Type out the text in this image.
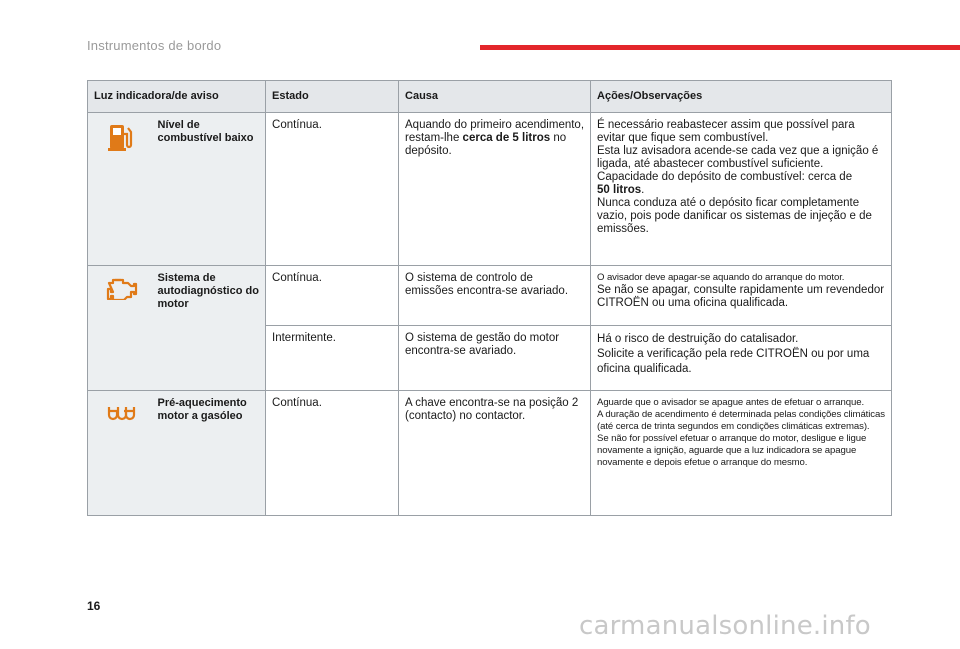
Instrumentos de bordo
Luz indicadora/de aviso		Estado	Causa	Ações/Observações

	Nível de combustível baixo	Contínua.	Aquando do primeiro acendimento, restam-lhe cerca de 5 litros no depósito.	É necessário reabastecer assim que possível para evitar que fique sem combustível.
Esta luz avisadora acende-se cada vez que a ignição é ligada, até abastecer combustível suficiente.
Capacidade do depósito de combustível: cerca de
50 litros.
Nunca conduza até o depósito ficar completamente vazio, pois pode danificar os sistemas de injeção e de emissões.

	Sistema de autodiagnóstico do motor	Contínua.	O sistema de controlo de emissões encontra-se avariado.	O avisador deve apagar-se aquando do arranque do motor.
Se não se apagar, consulte rapidamente um revendedor CITROËN ou uma oficina qualificada.

		Intermitente.	O sistema de gestão do motor encontra-se avariado.	Há o risco de destruição do catalisador.
Solicite a verificação pela rede CITROËN ou por uma oficina qualificada.

	Pré-aquecimento motor a gasóleo	Contínua.	A chave encontra-se na posição 2 (contacto) no contactor.	Aguarde que o avisador se apague antes de efetuar o arranque.
A duração de acendimento é determinada pelas condições climáticas (até cerca de trinta segundos em condições climáticas extremas).
Se não for possível efetuar o arranque do motor, desligue e ligue novamente a ignição, aguarde que a luz indicadora se apague novamente e depois efetue o arranque do mesmo.
16
carmanualsonline.info
